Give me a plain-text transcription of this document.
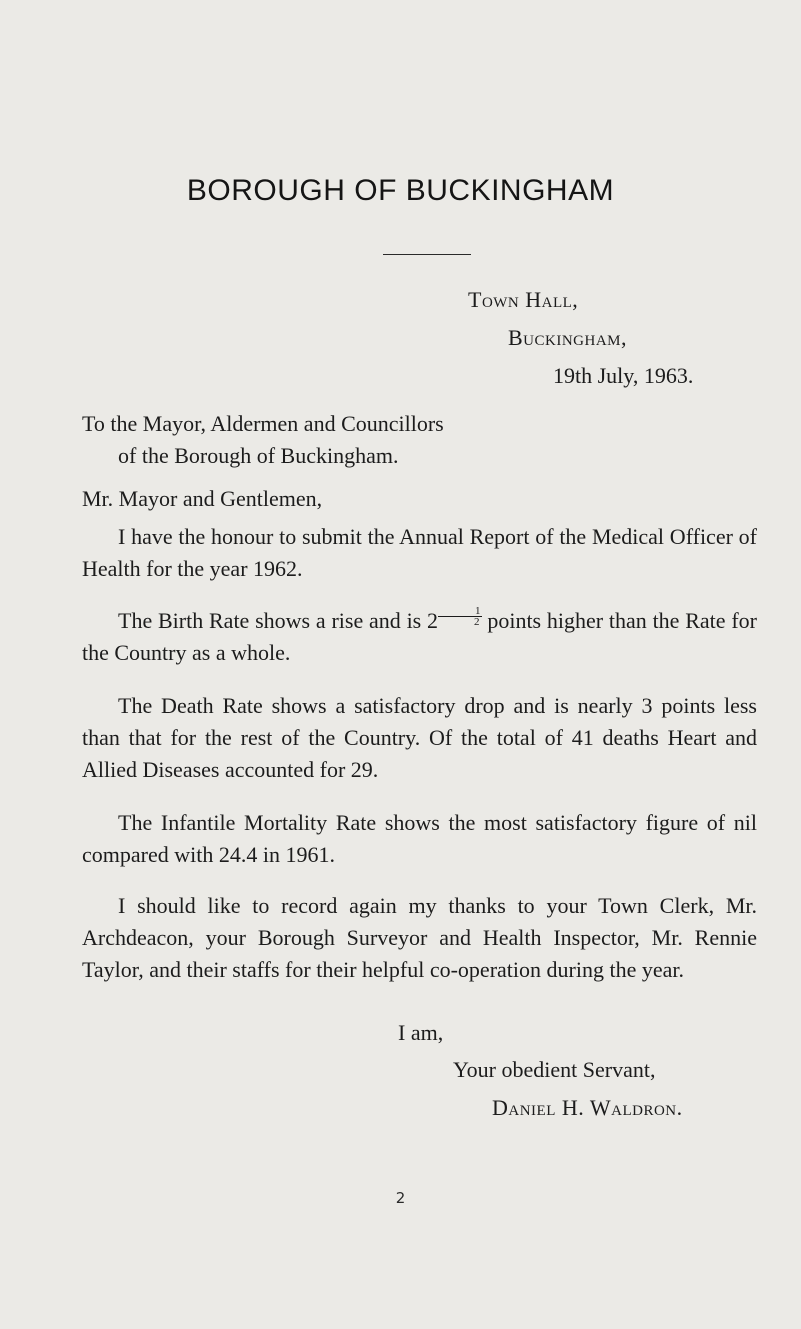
BOROUGH OF BUCKINGHAM
Town Hall,
Buckingham,
19th July, 1963.
To the Mayor, Aldermen and Councillors
of the Borough of Buckingham.
Mr. Mayor and Gentlemen,
I have the honour to submit the Annual Report of the Medical Officer of Health for the year 1962.
The Birth Rate shows a rise and is $2 \frac{1}{2}$ points higher than the Rate for the Country as a whole.
The Death Rate shows a satisfactory drop and is nearly 3 points less than that for the rest of the Country. Of the total of 41 deaths Heart and Allied Diseases accounted for 29.
The Infantile Mortality Rate shows the most satisfactory figure of nil compared with 24.4 in 1961.
I should like to record again my thanks to your Town Clerk, Mr. Archdeacon, your Borough Surveyor and Health Inspector, Mr. Rennie Taylor, and their staffs for their helpful co-operation during the year.
I am,
Your obedient Servant,
Daniel H. Waldron.
2
